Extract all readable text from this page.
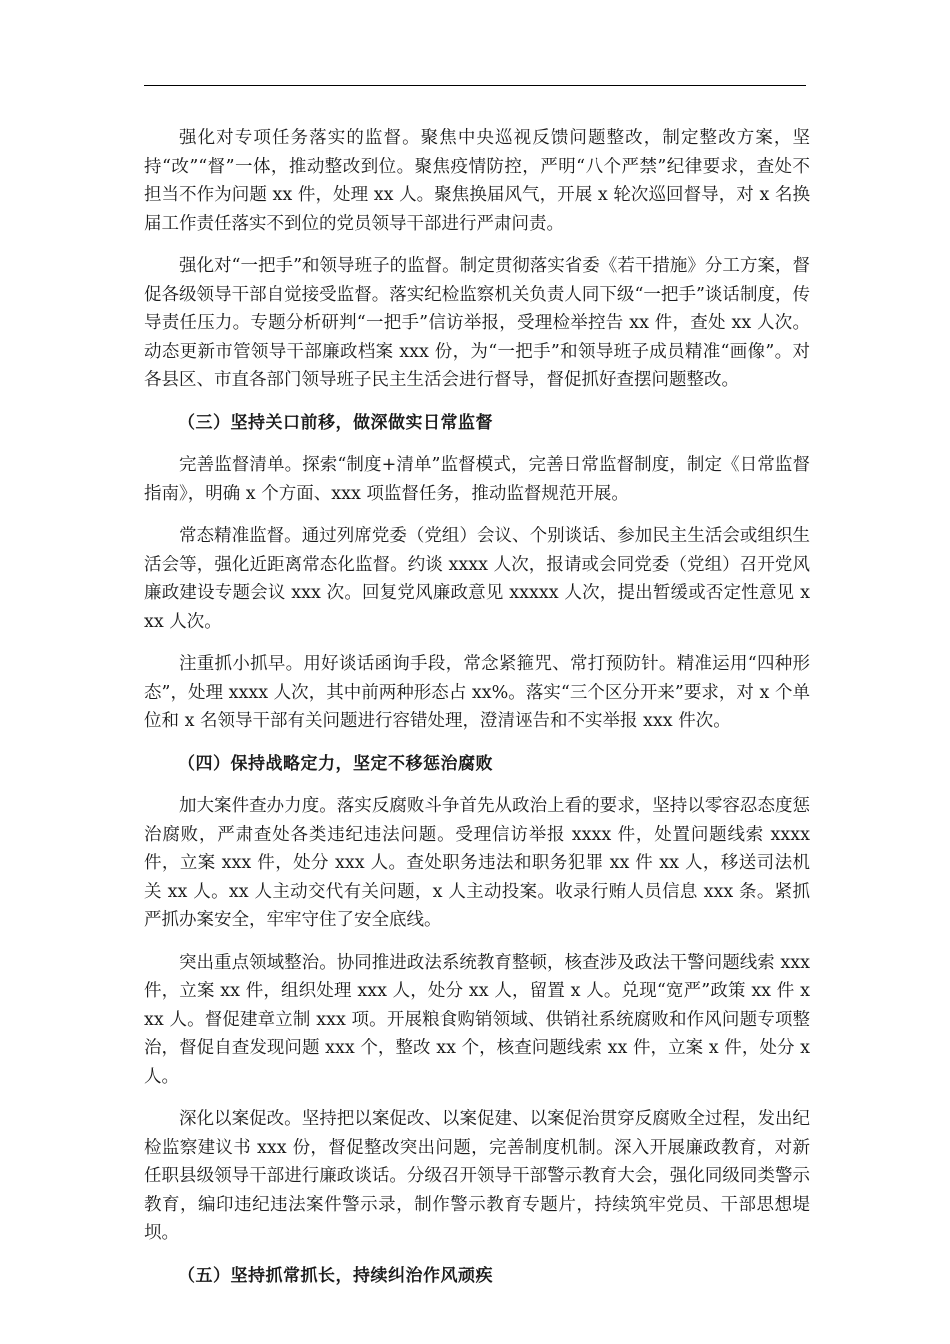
强化对专项任务落实的监督。聚焦中央巡视反馈问题整改，制定整改方案，坚持“改”“督”一体，推动整改到位。聚焦疫情防控，严明“八个严禁”纪律要求，查处不担当不作为问题 xx 件，处理 xx 人。聚焦换届风气，开展 x 轮次巡回督导，对 x 名换届工作责任落实不到位的党员领导干部进行严肃问责。

强化对“一把手”和领导班子的监督。制定贯彻落实省委《若干措施》分工方案，督促各级领导干部自觉接受监督。落实纪检监察机关负责人同下级“一把手”谈话制度，传导责任压力。专题分析研判“一把手”信访举报，受理检举控告 xx 件，查处 xx 人次。动态更新市管领导干部廉政档案 xxx 份，为“一把手”和领导班子成员精准“画像”。对各县区、市直各部门领导班子民主生活会进行督导，督促抓好查摆问题整改。

（三）坚持关口前移，做深做实日常监督

完善监督清单。探索“制度+清单”监督模式，完善日常监督制度，制定《日常监督指南》，明确 x 个方面、xxx 项监督任务，推动监督规范开展。

常态精准监督。通过列席党委（党组）会议、个别谈话、参加民主生活会或组织生活会等，强化近距离常态化监督。约谈 xxxx 人次，报请或会同党委（党组）召开党风廉政建设专题会议 xxx 次。回复党风廉政意见 xxxxx 人次，提出暂缓或否定性意见 xxx 人次。

注重抓小抓早。用好谈话函询手段，常念紧箍咒、常打预防针。精准运用“四种形态”，处理 xxxx 人次，其中前两种形态占 xx%。落实“三个区分开来”要求，对 x 个单位和 x 名领导干部有关问题进行容错处理，澄清诬告和不实举报 xxx 件次。

（四）保持战略定力，坚定不移惩治腐败

加大案件查办力度。落实反腐败斗争首先从政治上看的要求，坚持以零容忍态度惩治腐败，严肃查处各类违纪违法问题。受理信访举报 xxxx 件，处置问题线索 xxxx 件，立案 xxx 件，处分 xxx 人。查处职务违法和职务犯罪 xx 件 xx 人，移送司法机关 xx 人。xx 人主动交代有关问题，x 人主动投案。收录行贿人员信息 xxx 条。紧抓严抓办案安全，牢牢守住了安全底线。

突出重点领域整治。协同推进政法系统教育整顿，核查涉及政法干警问题线索 xxx 件，立案 xx 件，组织处理 xxx 人，处分 xx 人，留置 x 人。兑现“宽严”政策 xx 件 xxx 人。督促建章立制 xxx 项。开展粮食购销领域、供销社系统腐败和作风问题专项整治，督促自查发现问题 xxx 个，整改 xx 个，核查问题线索 xx 件，立案 x 件，处分 x 人。

深化以案促改。坚持把以案促改、以案促建、以案促治贯穿反腐败全过程，发出纪检监察建议书 xxx 份，督促整改突出问题，完善制度机制。深入开展廉政教育，对新任职县级领导干部进行廉政谈话。分级召开领导干部警示教育大会，强化同级同类警示教育，编印违纪违法案件警示录，制作警示教育专题片，持续筑牢党员、干部思想堤坝。

（五）坚持抓常抓长，持续纠治作风顽疾
